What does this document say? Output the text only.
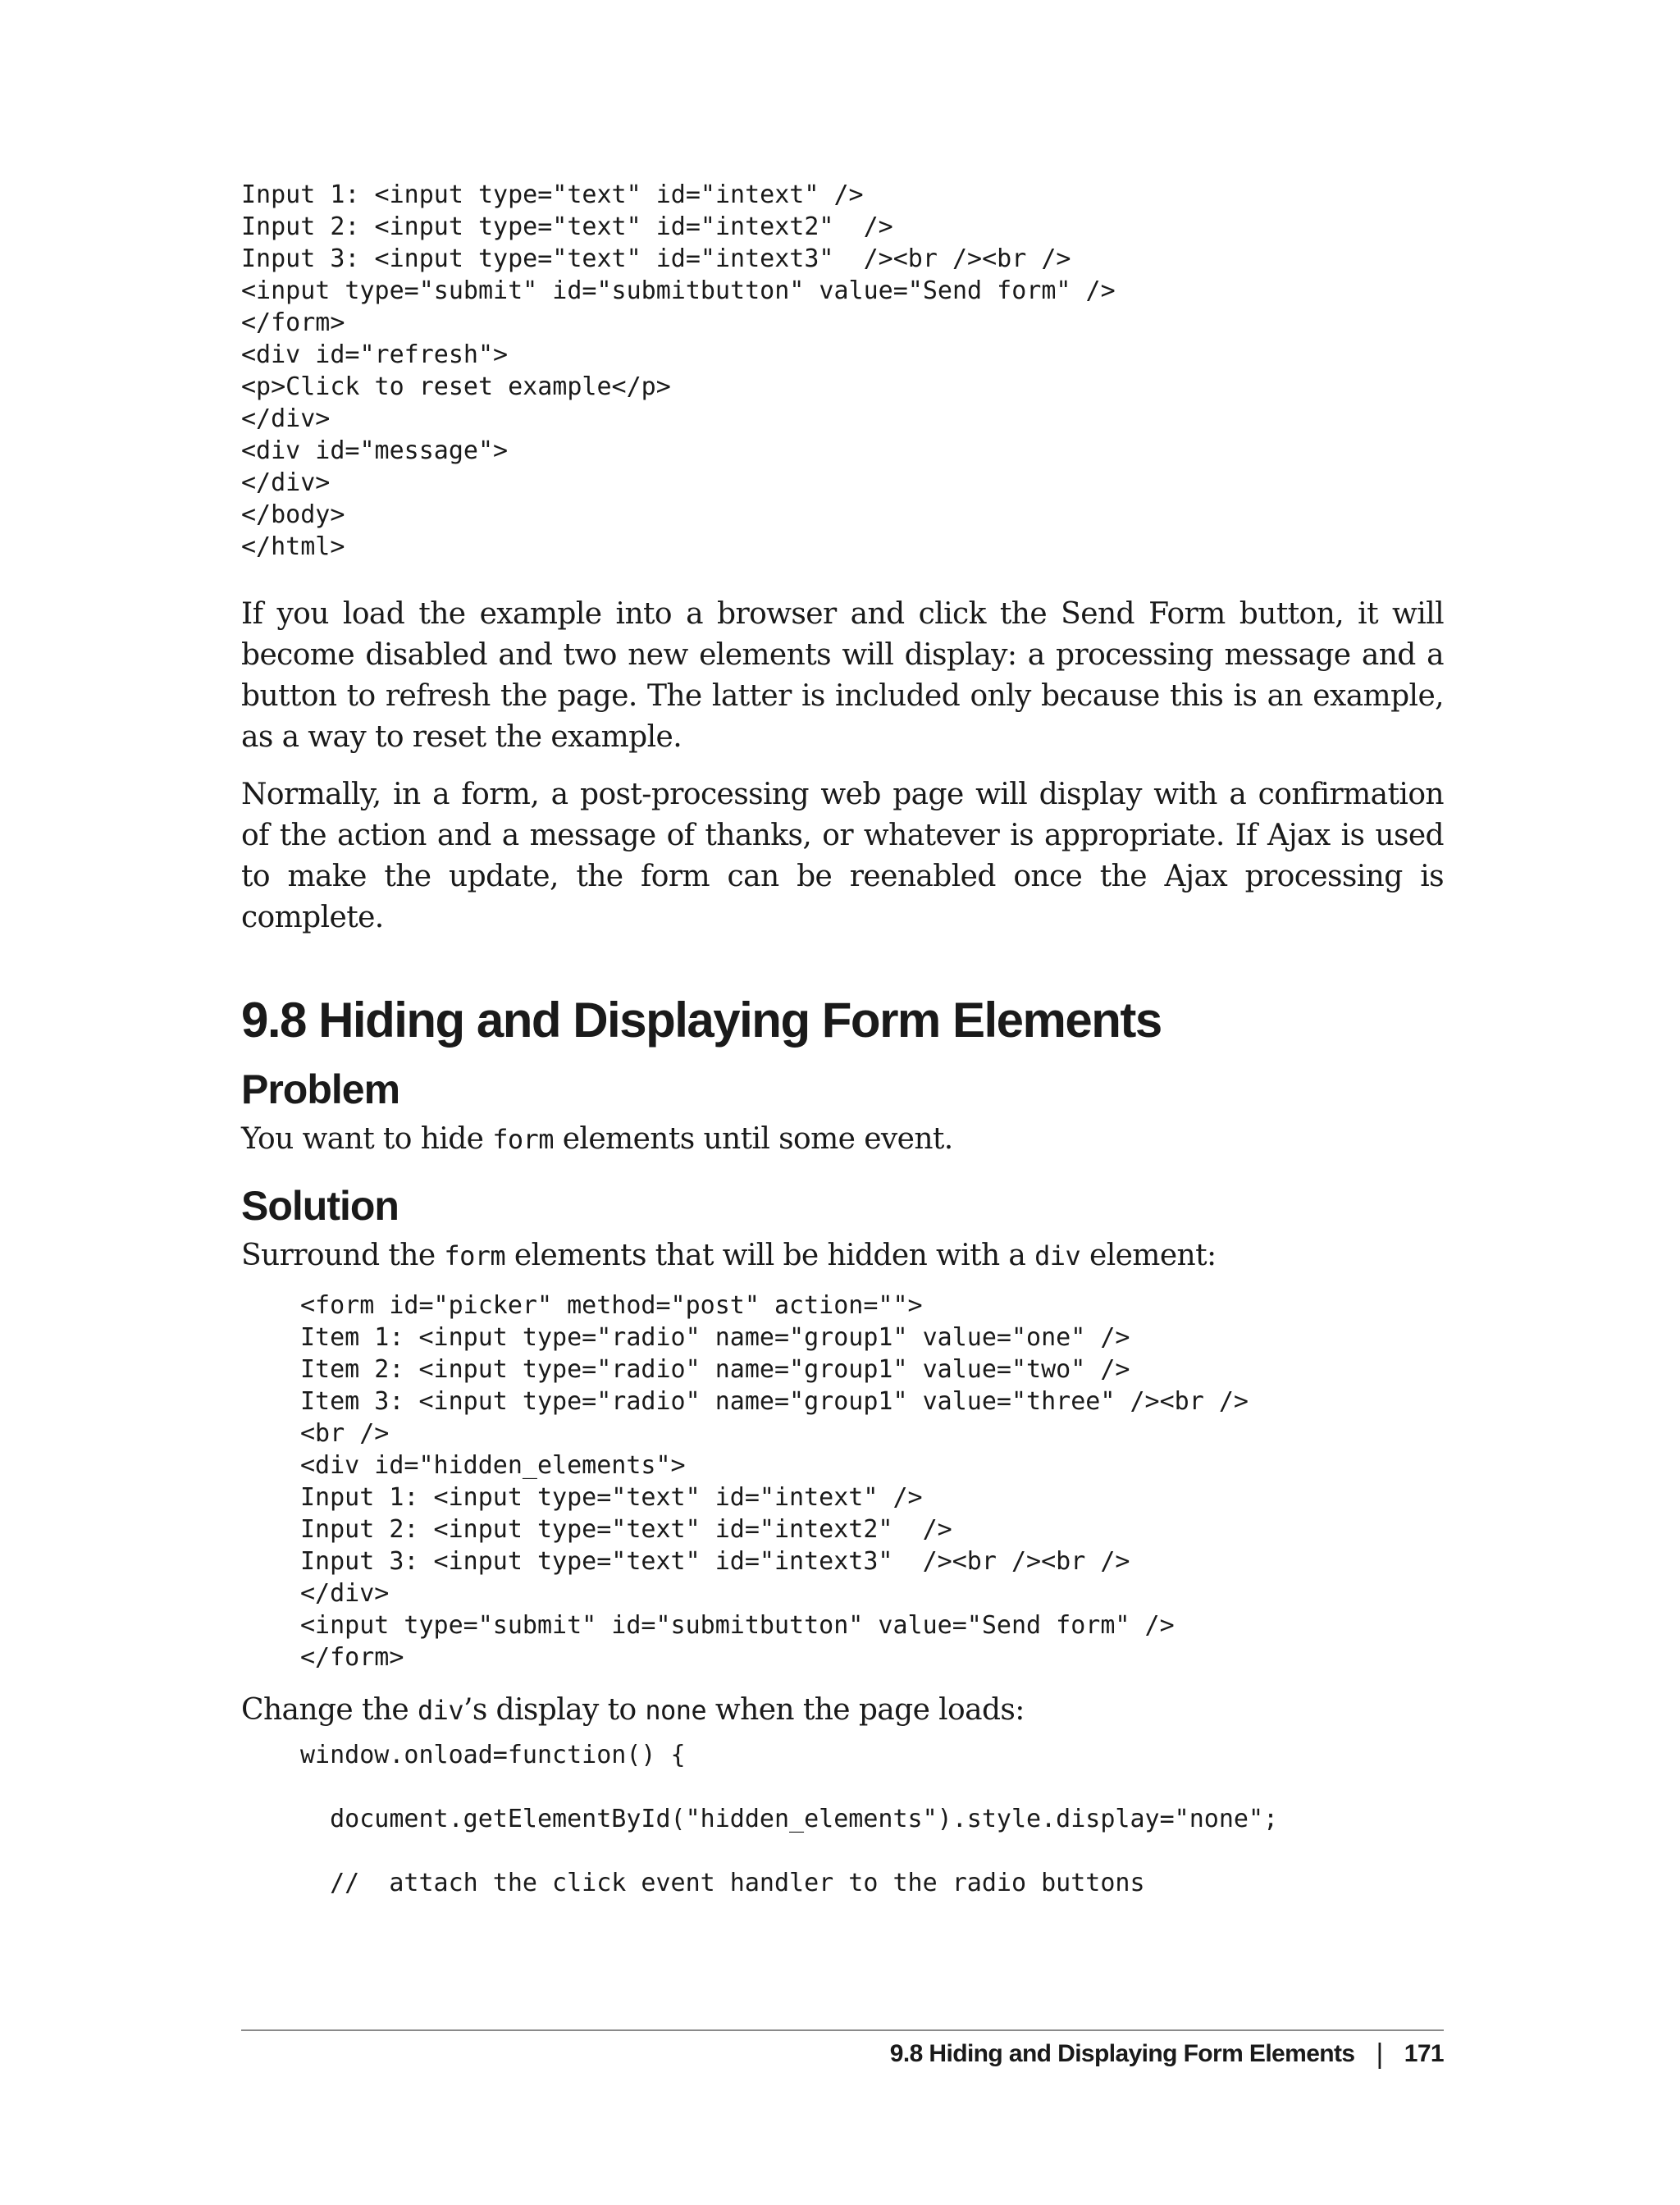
Input 1: <input type="text" id="intext" />
Input 2: <input type="text" id="intext2"  />
Input 3: <input type="text" id="intext3"  /><br /><br />
<input type="submit" id="submitbutton" value="Send form" />
</form>
<div id="refresh">
<p>Click to reset example</p>
</div>
<div id="message">
</div>
</body>
</html>

If you load the example into a browser and click the Send Form button, it will become disabled and two new elements will display: a processing message and a button to refresh the page. The latter is included only because this is an example, as a way to reset the example.

Normally, in a form, a post-processing web page will display with a confirmation of the action and a message of thanks, or whatever is appropriate. If Ajax is used to make the update, the form can be reenabled once the Ajax processing is complete.

9.8 Hiding and Displaying Form Elements
Problem

You want to hide form elements until some event.

Solution

Surround the form elements that will be hidden with a div element:

<form id="picker" method="post" action="">
Item 1: <input type="radio" name="group1" value="one" />
Item 2: <input type="radio" name="group1" value="two" />
Item 3: <input type="radio" name="group1" value="three" /><br />
<br />
<div id="hidden_elements">
Input 1: <input type="text" id="intext" />
Input 2: <input type="text" id="intext2"  />
Input 3: <input type="text" id="intext3"  /><br /><br />
</div>
<input type="submit" id="submitbutton" value="Send form" />
</form>

Change the div’s display to none when the page loads:

window.onload=function() {

document.getElementById("hidden_elements").style.display="none";

//  attach the click event handler to the radio buttons
9.8 Hiding and Displaying Form Elements | 171
